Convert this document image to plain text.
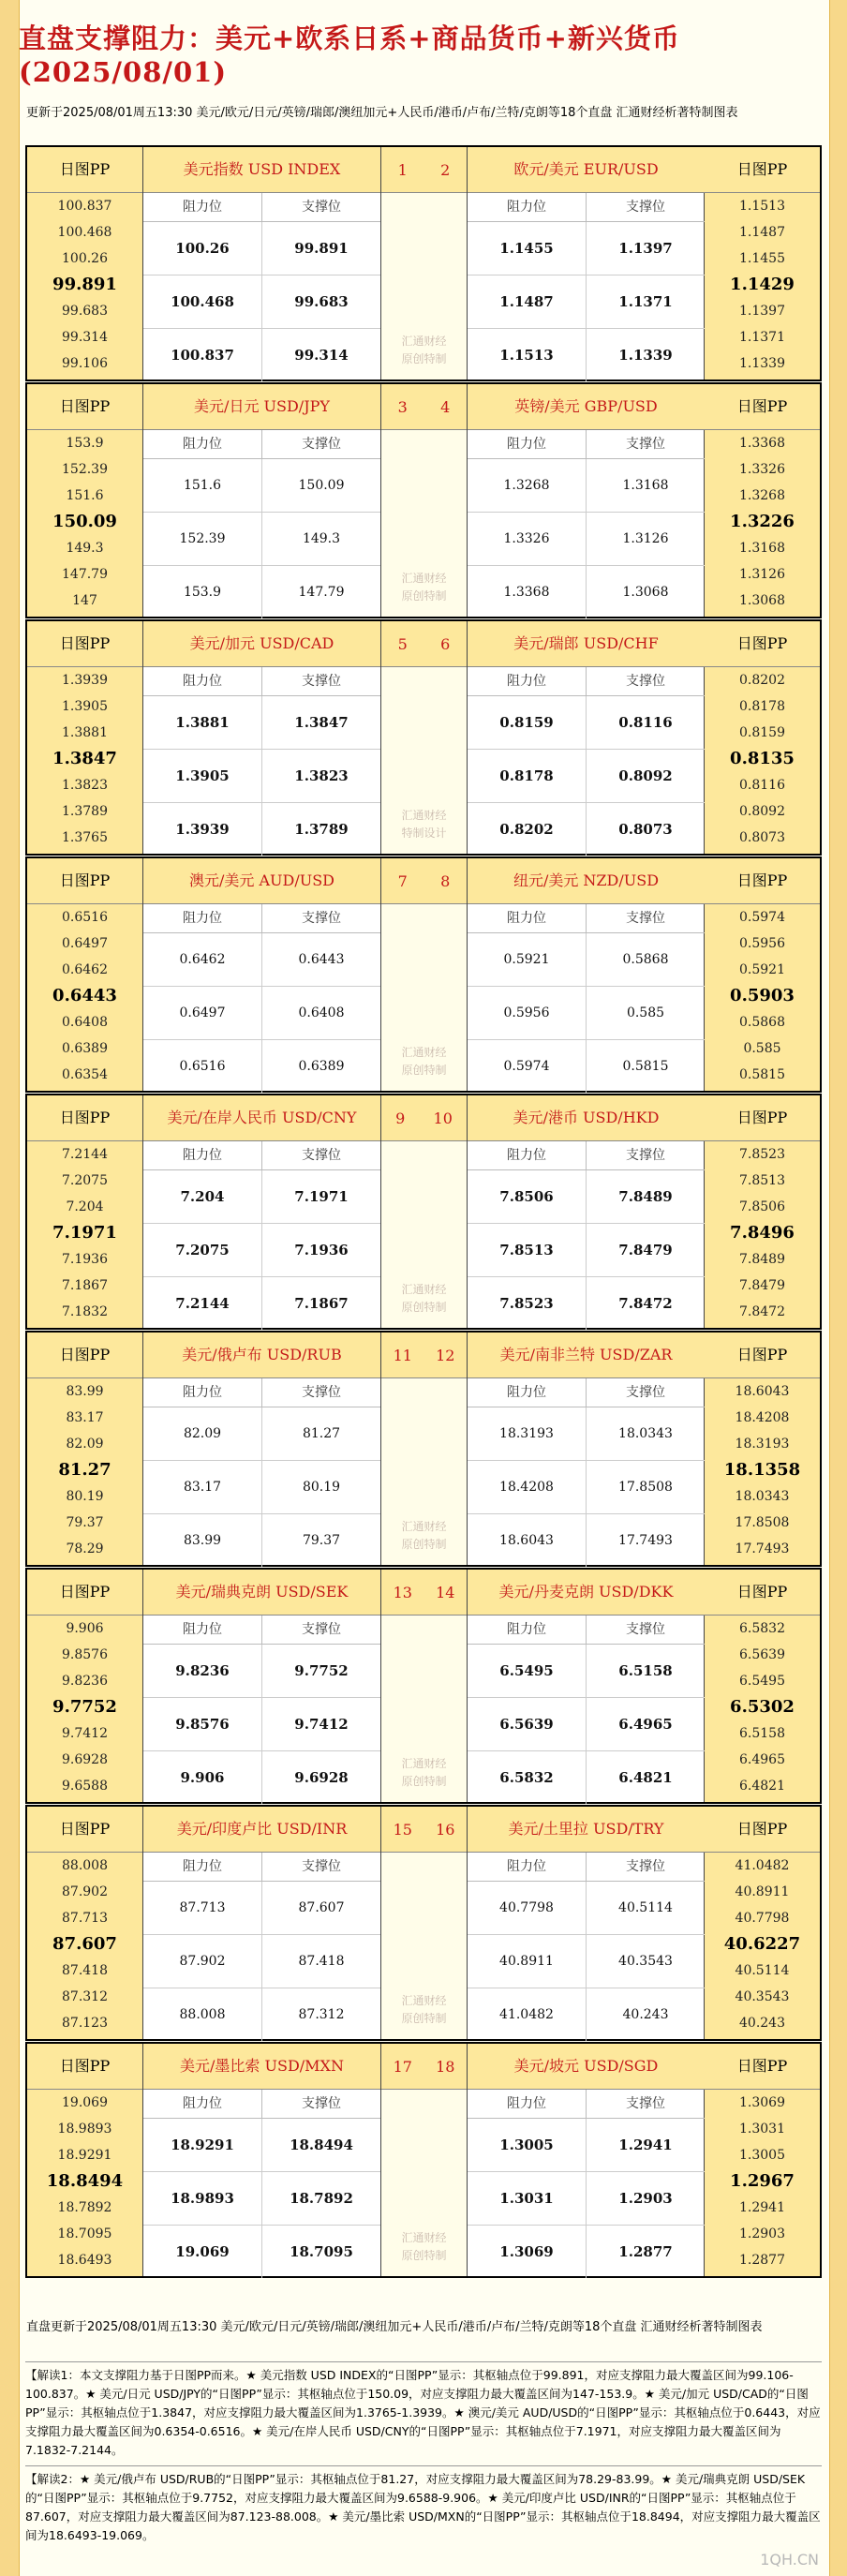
直盘支撑阻力：美元+欧系日系+商品货币+新兴货币(2025/08/01)
更新于2025/08/01周五13:30 美元/欧元/日元/英镑/瑞郎/澳纽加元+人民币/港币/卢布/兰特/克朗等18个直盘 汇通财经析著特制图表
日图PP
100.837
100.468
100.26
99.891
99.683
99.314
99.106
日图PP
1.1513
1.1487
1.1455
1.1429
1.1397
1.1371
1.1339
美元指数 USD INDEX
阻力位	支撑位
100.26	99.891
100.468	99.683
100.837	99.314
欧元/美元 EUR/USD
阻力位	支撑位
1.1455	1.1397
1.1487	1.1371
1.1513	1.1339
1 2
汇通财经
原创特制
日图PP
153.9
152.39
151.6
150.09
149.3
147.79
147
日图PP
1.3368
1.3326
1.3268
1.3226
1.3168
1.3126
1.3068
美元/日元 USD/JPY
阻力位	支撑位
151.6	150.09
152.39	149.3
153.9	147.79
英镑/美元 GBP/USD
阻力位	支撑位
1.3268	1.3168
1.3326	1.3126
1.3368	1.3068
3 4
汇通财经
原创特制
日图PP
1.3939
1.3905
1.3881
1.3847
1.3823
1.3789
1.3765
日图PP
0.8202
0.8178
0.8159
0.8135
0.8116
0.8092
0.8073
美元/加元 USD/CAD
阻力位	支撑位
1.3881	1.3847
1.3905	1.3823
1.3939	1.3789
美元/瑞郎 USD/CHF
阻力位	支撑位
0.8159	0.8116
0.8178	0.8092
0.8202	0.8073
5 6
汇通财经
特制设计
日图PP
0.6516
0.6497
0.6462
0.6443
0.6408
0.6389
0.6354
日图PP
0.5974
0.5956
0.5921
0.5903
0.5868
0.585
0.5815
澳元/美元 AUD/USD
阻力位	支撑位
0.6462	0.6443
0.6497	0.6408
0.6516	0.6389
纽元/美元 NZD/USD
阻力位	支撑位
0.5921	0.5868
0.5956	0.585
0.5974	0.5815
7 8
汇通财经
原创特制
日图PP
7.2144
7.2075
7.204
7.1971
7.1936
7.1867
7.1832
日图PP
7.8523
7.8513
7.8506
7.8496
7.8489
7.8479
7.8472
美元/在岸人民币 USD/CNY
阻力位	支撑位
7.204	7.1971
7.2075	7.1936
7.2144	7.1867
美元/港币 USD/HKD
阻力位	支撑位
7.8506	7.8489
7.8513	7.8479
7.8523	7.8472
9 10
汇通财经
原创特制
日图PP
83.99
83.17
82.09
81.27
80.19
79.37
78.29
日图PP
18.6043
18.4208
18.3193
18.1358
18.0343
17.8508
17.7493
美元/俄卢布 USD/RUB
阻力位	支撑位
82.09	81.27
83.17	80.19
83.99	79.37
美元/南非兰特 USD/ZAR
阻力位	支撑位
18.3193	18.0343
18.4208	17.8508
18.6043	17.7493
11 12
汇通财经
原创特制
日图PP
9.906
9.8576
9.8236
9.7752
9.7412
9.6928
9.6588
日图PP
6.5832
6.5639
6.5495
6.5302
6.5158
6.4965
6.4821
美元/瑞典克朗 USD/SEK
阻力位	支撑位
9.8236	9.7752
9.8576	9.7412
9.906	9.6928
美元/丹麦克朗 USD/DKK
阻力位	支撑位
6.5495	6.5158
6.5639	6.4965
6.5832	6.4821
13 14
汇通财经
原创特制
日图PP
88.008
87.902
87.713
87.607
87.418
87.312
87.123
日图PP
41.0482
40.8911
40.7798
40.6227
40.5114
40.3543
40.243
美元/印度卢比 USD/INR
阻力位	支撑位
87.713	87.607
87.902	87.418
88.008	87.312
美元/土里拉 USD/TRY
阻力位	支撑位
40.7798	40.5114
40.8911	40.3543
41.0482	40.243
15 16
汇通财经
原创特制
日图PP
19.069
18.9893
18.9291
18.8494
18.7892
18.7095
18.6493
日图PP
1.3069
1.3031
1.3005
1.2967
1.2941
1.2903
1.2877
美元/墨比索 USD/MXN
阻力位	支撑位
18.9291	18.8494
18.9893	18.7892
19.069	18.7095
美元/坡元 USD/SGD
阻力位	支撑位
1.3005	1.2941
1.3031	1.2903
1.3069	1.2877
17 18
汇通财经
原创特制
直盘更新于2025/08/01周五13:30 美元/欧元/日元/英镑/瑞郎/澳纽加元+人民币/港币/卢布/兰特/克朗等18个直盘 汇通财经析著特制图表
【解读1：本文支撑阻力基于日图PP而来。★ 美元指数 USD INDEX的“日图PP”显示：其枢轴点位于99.891，对应支撑阻力最大覆盖区间为99.106-100.837。★ 美元/日元 USD/JPY的“日图PP”显示：其枢轴点位于150.09，对应支撑阻力最大覆盖区间为147-153.9。★ 美元/加元 USD/CAD的“日图PP”显示：其枢轴点位于1.3847，对应支撑阻力最大覆盖区间为1.3765-1.3939。★ 澳元/美元 AUD/USD的“日图PP”显示：其枢轴点位于0.6443，对应支撑阻力最大覆盖区间为0.6354-0.6516。★ 美元/在岸人民币 USD/CNY的“日图PP”显示：其枢轴点位于7.1971，对应支撑阻力最大覆盖区间为7.1832-7.2144。
【解读2：★ 美元/俄卢布 USD/RUB的“日图PP”显示：其枢轴点位于81.27，对应支撑阻力最大覆盖区间为78.29-83.99。★ 美元/瑞典克朗 USD/SEK的“日图PP”显示：其枢轴点位于9.7752，对应支撑阻力最大覆盖区间为9.6588-9.906。★ 美元/印度卢比 USD/INR的“日图PP”显示：其枢轴点位于87.607，对应支撑阻力最大覆盖区间为87.123-88.008。★ 美元/墨比索 USD/MXN的“日图PP”显示：其枢轴点位于18.8494，对应支撑阻力最大覆盖区间为18.6493-19.069。
1QH.CN
